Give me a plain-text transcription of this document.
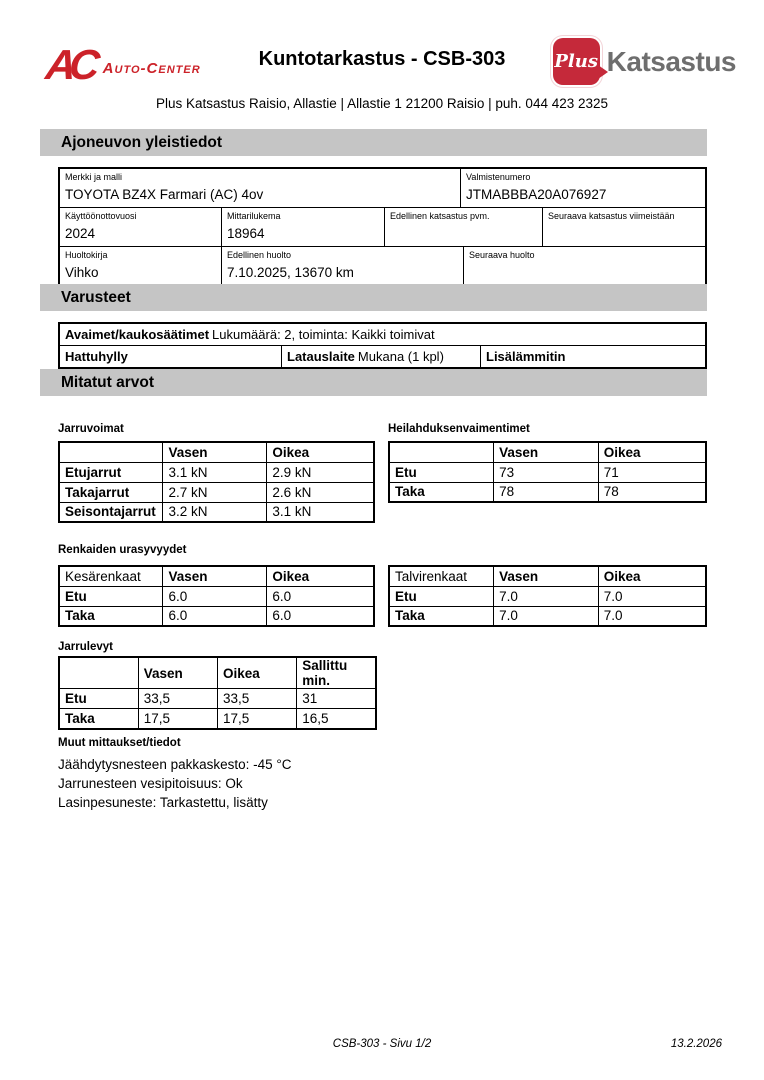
AC Auto-Center	Kuntotarkastus - CSB-303	Plus Katsastus
Plus Katsastus Raisio, Allastie | Allastie 1 21200 Raisio | puh. 044 423 2325
Ajoneuvon yleistiedot
Merkki ja malli
TOYOTA BZ4X Farmari (AC) 4ov
Valmistenumero
JTMABBBA20A076927
Käyttöönottovuosi
2024
Mittarilukema
18964
Edellinen katsastus pvm.	Seuraava katsastus viimeistään
Huoltokirja
Vihko
Edellinen huolto
7.10.2025, 13670 km
Seuraava huolto
Varusteet
Avaimet/kaukosäätimet Lukumäärä: 2, toiminta: Kaikki toimivat
Hattuhylly	Latauslaite Mukana (1 kpl)	Lisälämmitin
Mitatut arvot
Jarruvoimat
	Vasen	Oikea
Etujarrut	3.1 kN	2.9 kN
Takajarrut	2.7 kN	2.6 kN
Seisontajarrut	3.2 kN	3.1 kN
Heilahduksenvaimentimet
	Vasen	Oikea
Etu	73	71
Taka	78	78
Renkaiden urasyvyydet
Kesärenkaat	Vasen	Oikea
Etu	6.0	6.0
Taka	6.0	6.0
Talvirenkaat	Vasen	Oikea
Etu	7.0	7.0
Taka	7.0	7.0
Jarrulevyt
	Vasen	Oikea	Sallittu min.
Etu	33,5	33,5	31
Taka	17,5	17,5	16,5
Muut mittaukset/tiedot
Jäähdytysnesteen pakkaskesto: -45 °C
Jarrunesteen vesipitoisuus: Ok
Lasinpesuneste: Tarkastettu, lisätty
CSB-303 - Sivu 1/2	13.2.2026
